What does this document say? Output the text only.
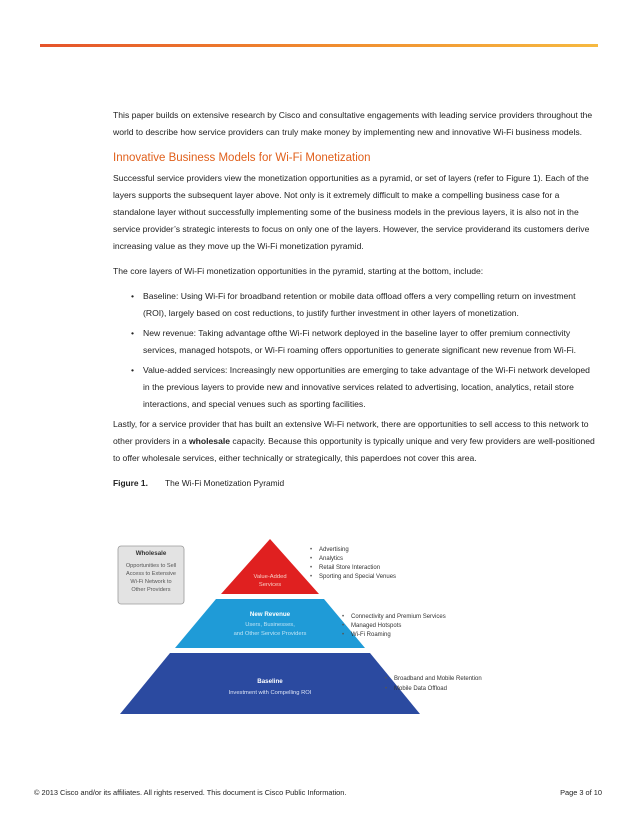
This paper builds on extensive research by Cisco and consultative engagements with leading service providers throughout the world to describe how service providers can truly make money by implementing new and innovative Wi-Fi business models.

Innovative Business Models for Wi-Fi Monetization

Successful service providers view the monetization opportunities as a pyramid, or set of layers (refer to Figure 1). Each of the layers supports the subsequent layer above. Not only is it extremely difficult to make a compelling business case for a standalone layer without successfully implementing some of the business models in the previous layers, it is also not in the service provider’s strategic interests to focus on only one of the layers. However, the service providerand its customers derive increasing value as they move up the Wi-Fi monetization pyramid.

The core layers of Wi-Fi monetization opportunities in the pyramid, starting at the bottom, include:

• Baseline: Using Wi-Fi for broadband retention or mobile data offload offers a very compelling return on investment (ROI), largely based on cost reductions, to justify further investment in other layers of monetization.
• New revenue: Taking advantage ofthe Wi-Fi network deployed in the baseline layer to offer premium connectivity services, managed hotspots, or Wi-Fi roaming offers opportunities to generate significant new revenue from Wi-Fi.
• Value-added services: Increasingly new opportunities are emerging to take advantage of the Wi-Fi network developed in the previous layers to provide new and innovative services related to advertising, location, analytics, retail store interactions, and special venues such as sporting facilities.

Lastly, for a service provider that has built an extensive Wi-Fi network, there are opportunities to sell access to this network to other providers in a wholesale capacity. Because this opportunity is typically unique and very few providers are well-positioned to offer wholesale services, either technically or strategically, this paperdoes not cover this area.

Figure 1. The Wi-Fi Monetization Pyramid
Wholesale
Opportunities to Sell
Access to Extensive
Wi-Fi Network to
Other Providers
Value-Added
Services
New Revenue
Users, Businesses,
and Other Service Providers
Baseline
Investment with Compelling ROI
• Advertising
• Analytics
• Retail Store Interaction
• Sporting and Special Venues
• Connectivity and Premium Services
• Managed Hotspots
• Wi-Fi Roaming
• Broadband and Mobile Retention
• Mobile Data Offload
© 2013 Cisco and/or its affiliates. All rights reserved. This document is Cisco Public Information.	Page 3 of 10
